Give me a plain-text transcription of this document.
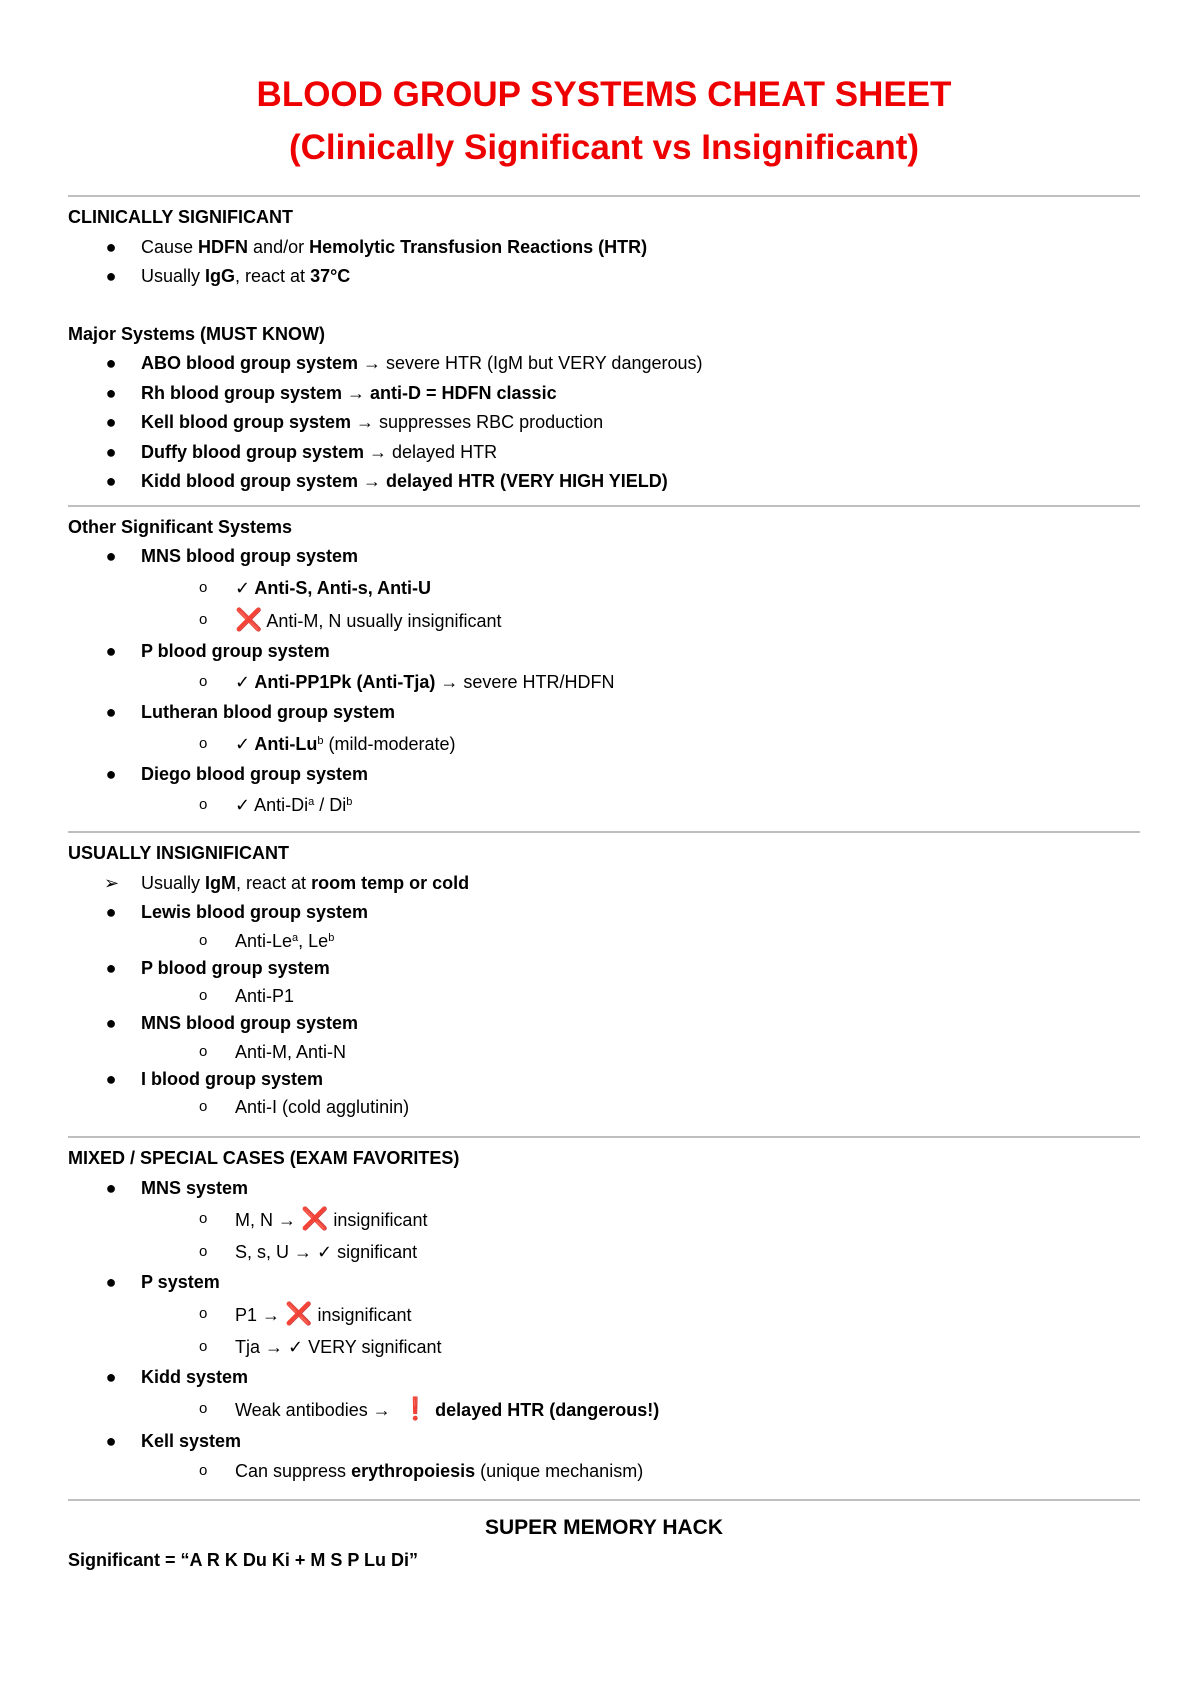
BLOOD GROUP SYSTEMS CHEAT SHEET
(Clinically Significant vs Insignificant)
CLINICALLY SIGNIFICANT
● Cause HDFN and/or Hemolytic Transfusion Reactions (HTR)
● Usually IgG, react at 37°C
Major Systems (MUST KNOW)
● ABO blood group system → severe HTR (IgM but VERY dangerous)
● Rh blood group system → anti-D = HDFN classic
● Kell blood group system → suppresses RBC production
● Duffy blood group system → delayed HTR
● Kidd blood group system → delayed HTR (VERY HIGH YIELD)
Other Significant Systems
● MNS blood group system
o ✓ Anti-S, Anti-s, Anti-U
o ❌ Anti-M, N usually insignificant
● P blood group system
o ✓ Anti-PP1Pk (Anti-Tja) → severe HTR/HDFN
● Lutheran blood group system
o ✓ Anti-Lu$^b$ (mild-moderate)
● Diego blood group system
o ✓ Anti-Di$^a$ / Di$^b$
USUALLY INSIGNIFICANT
➢ Usually IgM, react at room temp or cold
● Lewis blood group system
o Anti-Le$^a$, Le$^b$
● P blood group system
o Anti-P1
● MNS blood group system
o Anti-M, Anti-N
● I blood group system
o Anti-I (cold agglutinin)
MIXED / SPECIAL CASES (EXAM FAVORITES)
● MNS system
o M, N → ❌ insignificant
o S, s, U → ✓ significant
● P system
o P1 → ❌ insignificant
o Tja → ✓ VERY significant
● Kidd system
o Weak antibodies → ❗ delayed HTR (dangerous!)
● Kell system
o Can suppress erythropoiesis (unique mechanism)
SUPER MEMORY HACK
Significant = “A R K Du Ki + M S P Lu Di”
